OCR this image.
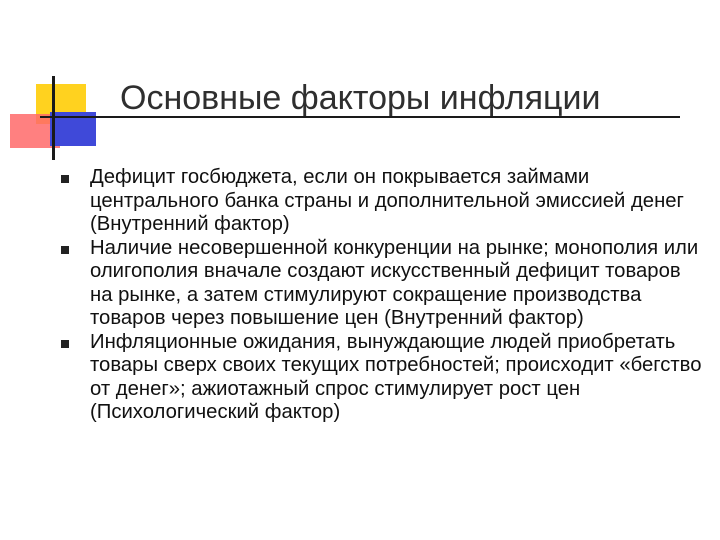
Основные факторы инфляции
Дефицит госбюджета, если он покрывается займами центрального банка страны и дополнительной эмиссией денег (Внутренний фактор)
Наличие несовершенной конкуренции на рынке; монополия или олигополия вначале создают искусственный дефицит товаров на рынке, а затем стимулируют сокращение производства товаров через повышение цен (Внутренний фактор)
Инфляционные ожидания, вынуждающие людей приобретать товары сверх своих текущих потребностей; происходит «бегство от денег»; ажиотажный спрос стимулирует рост цен (Психологический фактор)
